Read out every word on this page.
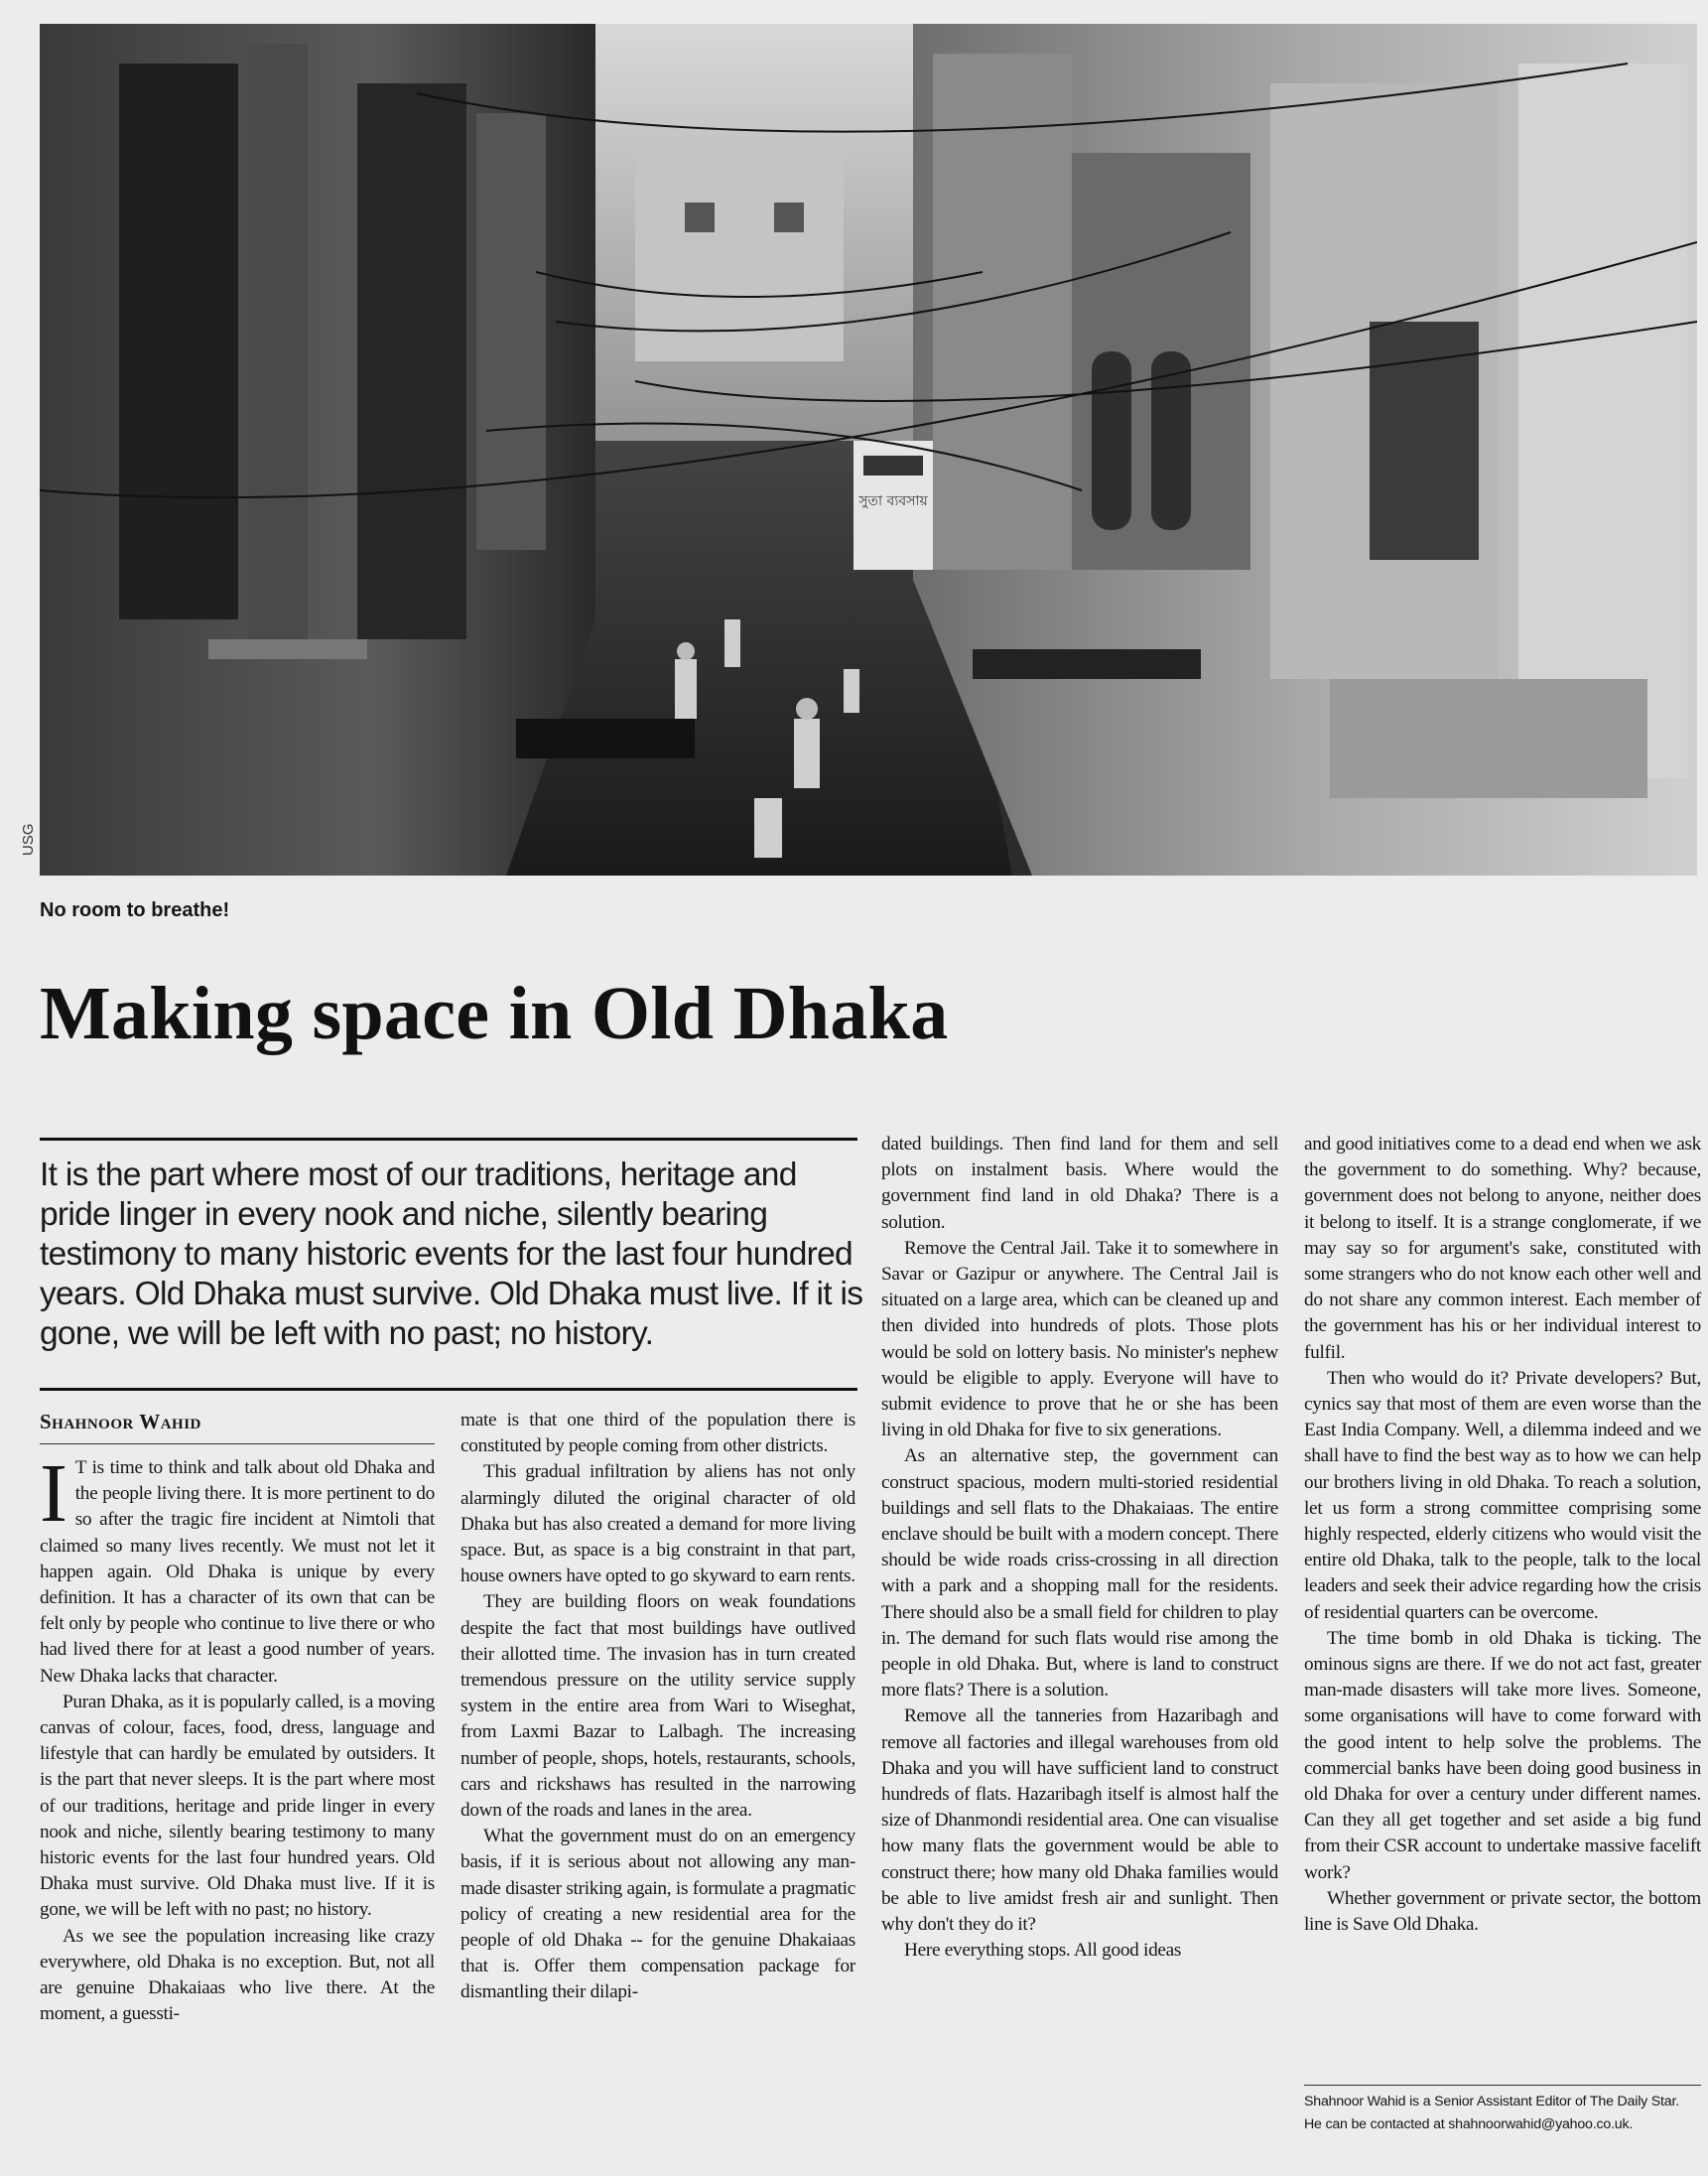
সুতা ব্যবসায়
USG
No room to breathe!
Making space in Old Dhaka

It is the part where most of our traditions, heritage and pride linger in every nook and niche, silently bearing testimony to many historic events for the last four hundred years. Old Dhaka must survive. Old Dhaka must live. If it is gone, we will be left with no past; no history.

Shahnoor Wahid

I T is time to think and talk about old Dhaka and the people living there. It is more pertinent to do so after the tragic fire incident at Nimtoli that claimed so many lives recently. We must not let it happen again. Old Dhaka is unique by every definition. It has a character of its own that can be felt only by people who continue to live there or who had lived there for at least a good number of years. New Dhaka lacks that character.

Puran Dhaka, as it is popularly called, is a moving canvas of colour, faces, food, dress, language and lifestyle that can hardly be emulated by outsiders. It is the part that never sleeps. It is the part where most of our traditions, heritage and pride linger in every nook and niche, silently bearing testimony to many historic events for the last four hundred years. Old Dhaka must survive. Old Dhaka must live. If it is gone, we will be left with no past; no history.

As we see the population increasing like crazy everywhere, old Dhaka is no exception. But, not all are genuine Dhakaiaas who live there. At the moment, a guessti-

mate is that one third of the population there is constituted by people coming from other districts.

This gradual infiltration by aliens has not only alarmingly diluted the original character of old Dhaka but has also created a demand for more living space. But, as space is a big constraint in that part, house owners have opted to go skyward to earn rents.

They are building floors on weak foundations despite the fact that most buildings have outlived their allotted time. The invasion has in turn created tremendous pressure on the utility service supply system in the entire area from Wari to Wiseghat, from Laxmi Bazar to Lalbagh. The increasing number of people, shops, hotels, restaurants, schools, cars and rickshaws has resulted in the narrowing down of the roads and lanes in the area.

What the government must do on an emergency basis, if it is serious about not allowing any man-made disaster striking again, is formulate a pragmatic policy of creating a new residential area for the people of old Dhaka -- for the genuine Dhakaiaas that is. Offer them compensation package for dismantling their dilapi-

dated buildings. Then find land for them and sell plots on instalment basis. Where would the government find land in old Dhaka? There is a solution.

Remove the Central Jail. Take it to somewhere in Savar or Gazipur or anywhere. The Central Jail is situated on a large area, which can be cleaned up and then divided into hundreds of plots. Those plots would be sold on lottery basis. No minister's nephew would be eligible to apply. Everyone will have to submit evidence to prove that he or she has been living in old Dhaka for five to six generations.

As an alternative step, the government can construct spacious, modern multi-storied residential buildings and sell flats to the Dhakaiaas. The entire enclave should be built with a modern concept. There should be wide roads criss-crossing in all direction with a park and a shopping mall for the residents. There should also be a small field for children to play in. The demand for such flats would rise among the people in old Dhaka. But, where is land to construct more flats? There is a solution.

Remove all the tanneries from Hazaribagh and remove all factories and illegal warehouses from old Dhaka and you will have sufficient land to construct hundreds of flats. Hazaribagh itself is almost half the size of Dhanmondi residential area. One can visualise how many flats the government would be able to construct there; how many old Dhaka families would be able to live amidst fresh air and sunlight. Then why don't they do it?

Here everything stops. All good ideas

and good initiatives come to a dead end when we ask the government to do something. Why? because, government does not belong to anyone, neither does it belong to itself. It is a strange conglomerate, if we may say so for argument's sake, constituted with some strangers who do not know each other well and do not share any common interest. Each member of the government has his or her individual interest to fulfil.

Then who would do it? Private developers? But, cynics say that most of them are even worse than the East India Company. Well, a dilemma indeed and we shall have to find the best way as to how we can help our brothers living in old Dhaka. To reach a solution, let us form a strong committee comprising some highly respected, elderly citizens who would visit the entire old Dhaka, talk to the people, talk to the local leaders and seek their advice regarding how the crisis of residential quarters can be overcome.

The time bomb in old Dhaka is ticking. The ominous signs are there. If we do not act fast, greater man-made disasters will take more lives. Someone, some organisations will have to come forward with the good intent to help solve the problems. The commercial banks have been doing good business in old Dhaka for over a century under different names. Can they all get together and set aside a big fund from their CSR account to undertake massive facelift work?

Whether government or private sector, the bottom line is Save Old Dhaka.

Shahnoor Wahid is a Senior Assistant Editor of The Daily Star.
He can be contacted at shahnoorwahid@yahoo.co.uk.
